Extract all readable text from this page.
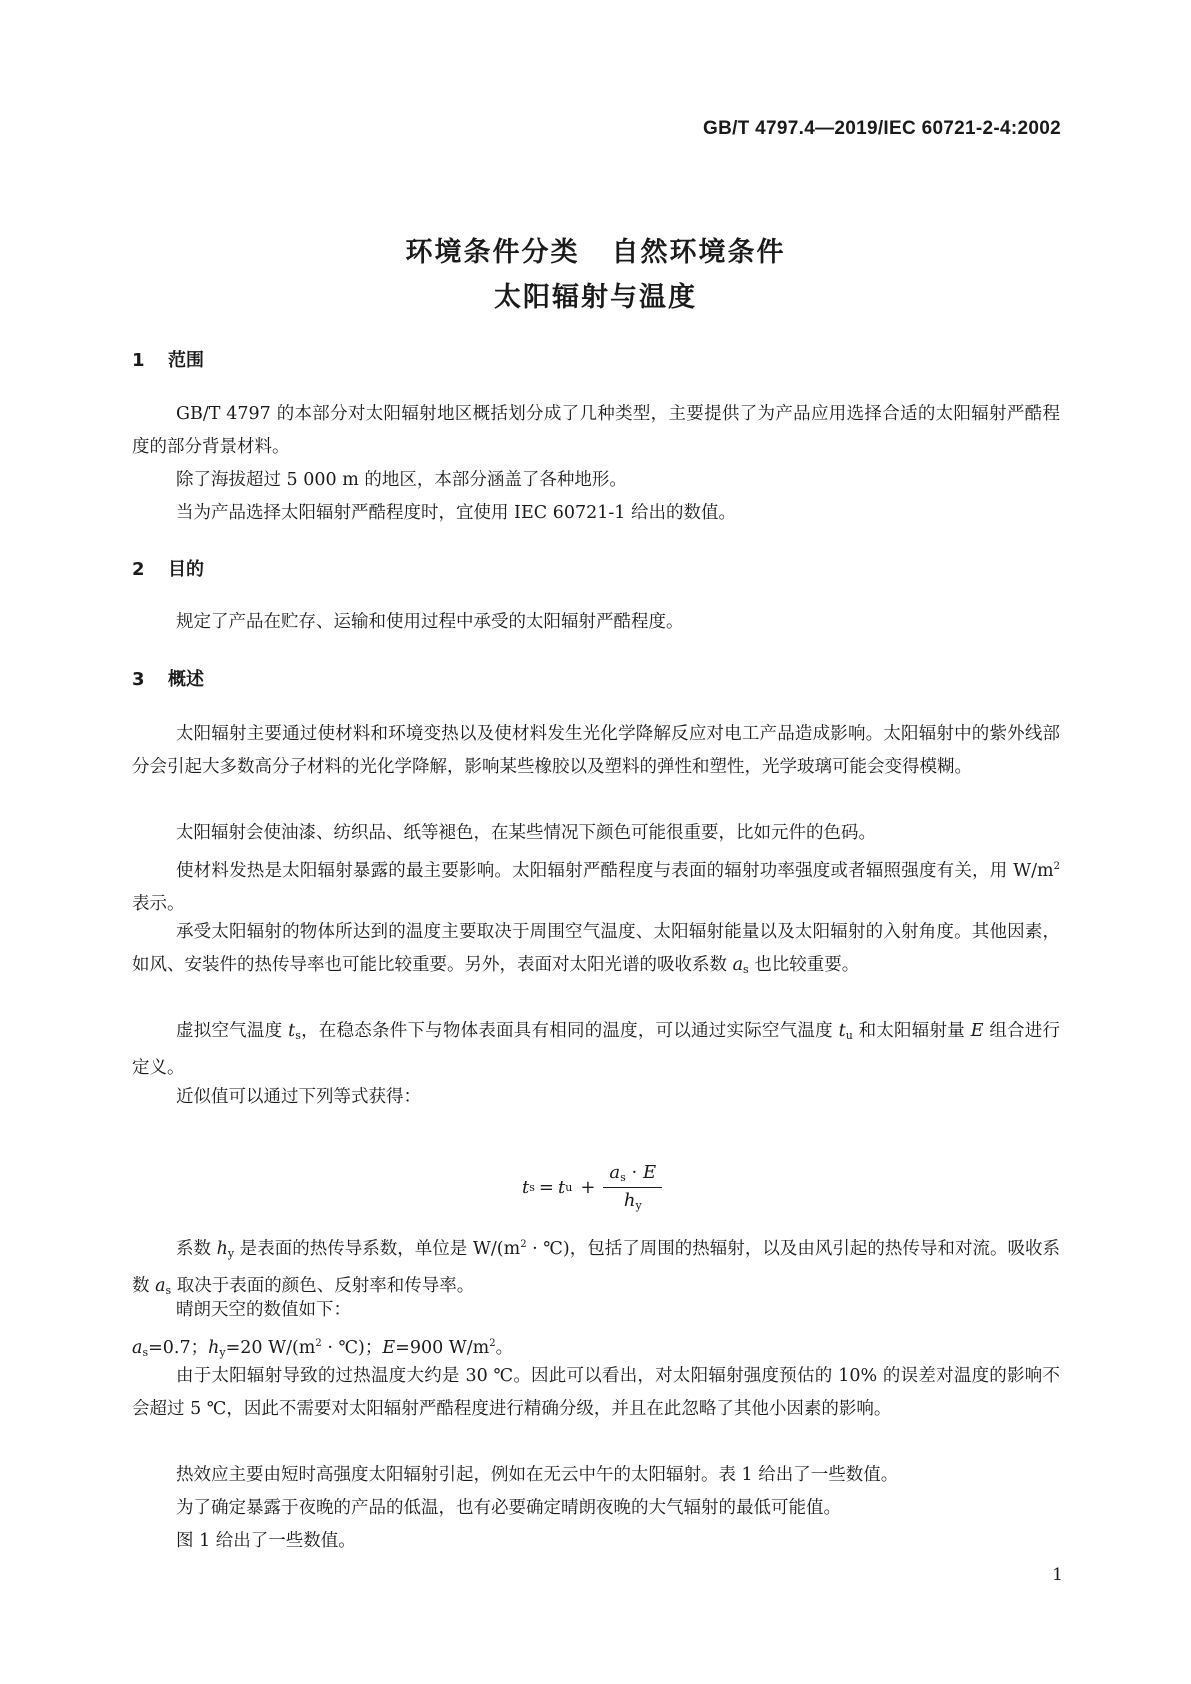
GB/T 4797.4—2019/IEC 60721-2-4:2002
环境条件分类 自然环境条件
太阳辐射与温度
1 范围

GB/T 4797 的本部分对太阳辐射地区概括划分成了几种类型，主要提供了为产品应用选择合适的太阳辐射严酷程度的部分背景材料。

除了海拔超过 5 000 m 的地区，本部分涵盖了各种地形。
当为产品选择太阳辐射严酷程度时，宜使用 IEC 60721-1 给出的数值。
2 目的
规定了产品在贮存、运输和使用过程中承受的太阳辐射严酷程度。
3 概述

太阳辐射主要通过使材料和环境变热以及使材料发生光化学降解反应对电工产品造成影响。太阳辐射中的紫外线部分会引起大多数高分子材料的光化学降解，影响某些橡胶以及塑料的弹性和塑性，光学玻璃可能会变得模糊。

太阳辐射会使油漆、纺织品、纸等褪色，在某些情况下颜色可能很重要，比如元件的色码。

使材料发热是太阳辐射暴露的最主要影响。太阳辐射严酷程度与表面的辐射功率强度或者辐照强度有关，用 $W/m^2$ 表示。

承受太阳辐射的物体所达到的温度主要取决于周围空气温度、太阳辐射能量以及太阳辐射的入射角度。其他因素，如风、安装件的热传导率也可能比较重要。另外，表面对太阳光谱的吸收系数 $a_s$ 也比较重要。

虚拟空气温度 $t_s$，在稳态条件下与物体表面具有相同的温度，可以通过实际空气温度 $t_u$ 和太阳辐射量 E 组合进行定义。

近似值可以通过下列等式获得：
t s = t $u + \frac{a_s \cdot E}{h_y}$

系数 $h_y$ 是表面的热传导系数，单位是 $W/(m^2$ · ℃)，包括了周围的热辐射，以及由风引起的热传导和对流。吸收系数 $a_s$ 取决于表面的颜色、反射率和传导率。

晴朗天空的数值如下：
$a_s=0.7$；$h_y=20$ $W/(m^2$ · ℃)；E=900 $W/m^2$。

由于太阳辐射导致的过热温度大约是 30 ℃。因此可以看出，对太阳辐射强度预估的 10% 的误差对温度的影响不会超过 5 ℃，因此不需要对太阳辐射严酷程度进行精确分级，并且在此忽略了其他小因素的影响。

热效应主要由短时高强度太阳辐射引起，例如在无云中午的太阳辐射。表 1 给出了一些数值。
为了确定暴露于夜晚的产品的低温，也有必要确定晴朗夜晚的大气辐射的最低可能值。
图 1 给出了一些数值。
1
